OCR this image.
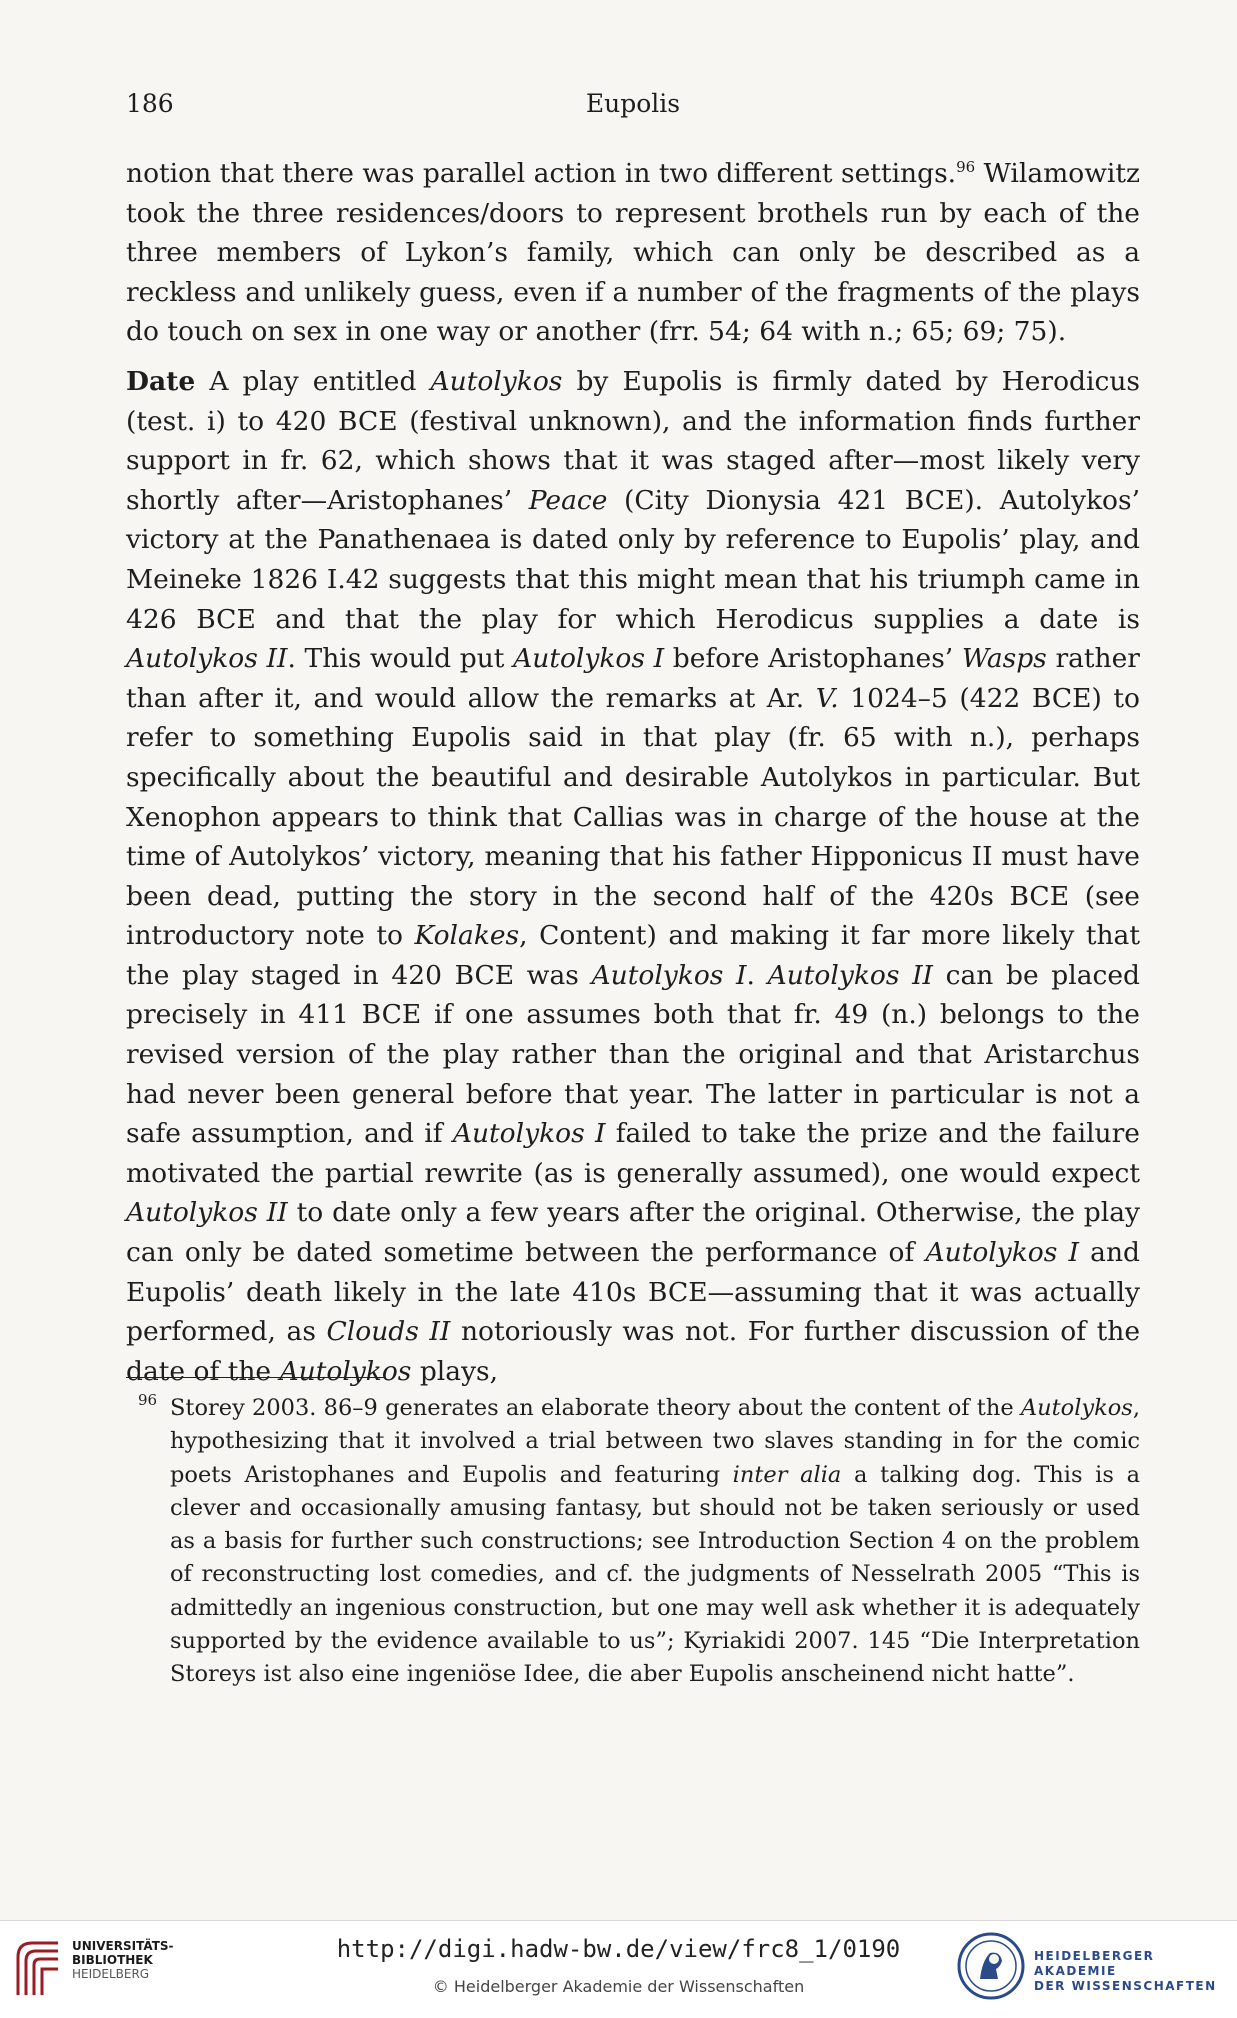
186	Eupolis

notion that there was parallel action in two different settings.$^{96}$ Wilamowitz took the three residences/doors to represent brothels run by each of the three members of Lykon’s family, which can only be described as a reckless and unlikely guess, even if a number of the fragments of the plays do touch on sex in one way or another (frr. 54; 64 with n.; 65; 69; 75).

Date A play entitled Autolykos by Eupolis is firmly dated by Herodicus (test. i) to 420 BCE (festival unknown), and the information finds further support in fr. 62, which shows that it was staged after—most likely very shortly after—Aristophanes’ Peace (City Dionysia 421 BCE). Autolykos’ victory at the Panathenaea is dated only by reference to Eupolis’ play, and Meineke 1826 I.42 suggests that this might mean that his triumph came in 426 BCE and that the play for which Herodicus supplies a date is Autolykos II. This would put Autolykos I before Aristophanes’ Wasps rather than after it, and would allow the remarks at Ar. V. 1024–5 (422 BCE) to refer to something Eupolis said in that play (fr. 65 with n.), perhaps specifically about the beautiful and desirable Autolykos in particular. But Xenophon appears to think that Callias was in charge of the house at the time of Autolykos’ victory, meaning that his father Hipponicus II must have been dead, putting the story in the second half of the 420s BCE (see introductory note to Kolakes, Content) and making it far more likely that the play staged in 420 BCE was Autolykos I. Autolykos II can be placed precisely in 411 BCE if one assumes both that fr. 49 (n.) belongs to the revised version of the play rather than the original and that Aristarchus had never been general before that year. The latter in particular is not a safe assumption, and if Autolykos I failed to take the prize and the failure motivated the partial rewrite (as is generally assumed), one would expect Autolykos II to date only a few years after the original. Otherwise, the play can only be dated sometime between the performance of Autolykos I and Eupolis’ death likely in the late 410s BCE—assuming that it was actually performed, as Clouds II notoriously was not. For further discussion of the date of the Autolykos plays,

96 Storey 2003. 86–9 generates an elaborate theory about the content of the Autolykos, hypothesizing that it involved a trial between two slaves standing in for the comic poets Aristophanes and Eupolis and featuring inter alia a talking dog. This is a clever and occasionally amusing fantasy, but should not be taken seriously or used as a basis for further such constructions; see Introduction Section 4 on the problem of reconstructing lost comedies, and cf. the judgments of Nesselrath 2005 “This is admittedly an ingenious construction, but one may well ask whether it is adequately supported by the evidence available to us”; Kyriakidi 2007. 145 “Die Interpretation Storeys ist also eine ingeniöse Idee, die aber Eupolis anscheinend nicht hatte”.
UNIVERSITÄTS-
BIBLIOTHEK
HEIDELBERG
http://digi.hadw-bw.de/view/frc8_1/0190
© Heidelberger Akademie der Wissenschaften
HEIDELBERGER AKADEMIE
DER WISSENSCHAFTEN
